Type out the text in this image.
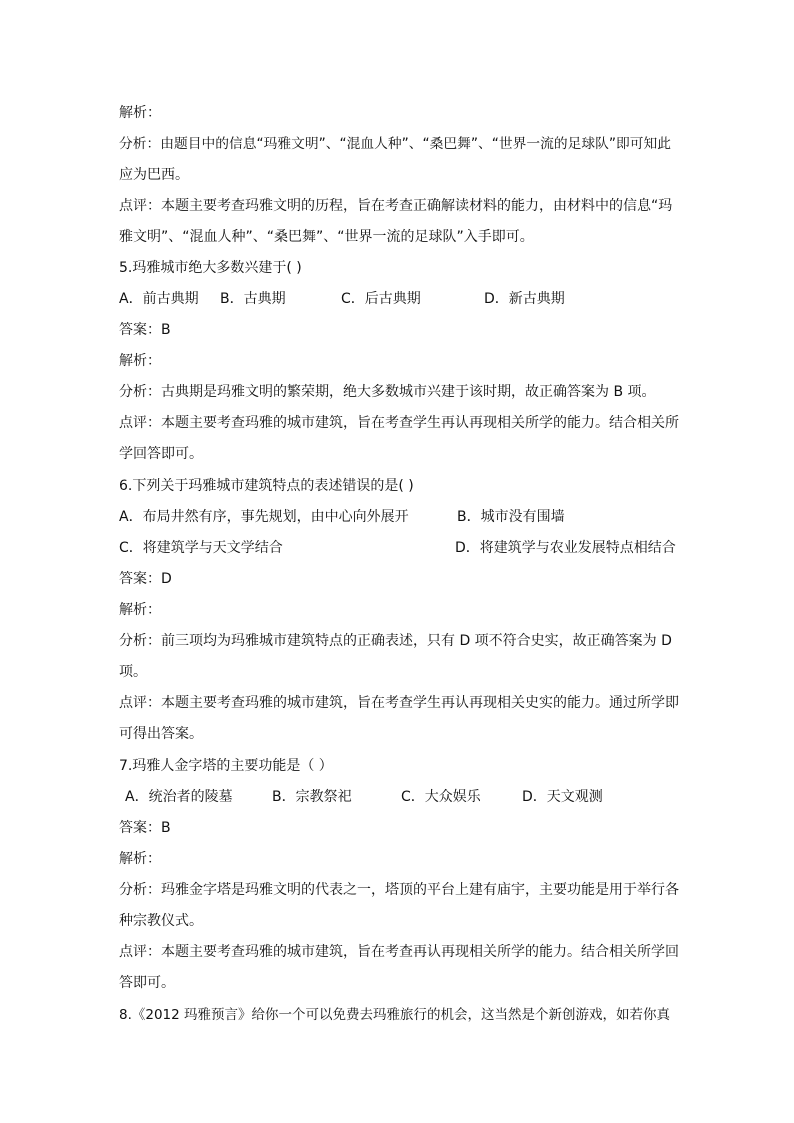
解析：
分析：由题目中的信息“玛雅文明”、“混血人种”、“桑巴舞”、“世界一流的足球队”即可知此
应为巴西。
点评：本题主要考查玛雅文明的历程，旨在考查正确解读材料的能力，由材料中的信息“玛
雅文明”、“混血人种”、“桑巴舞”、“世界一流的足球队”入手即可。
5.玛雅城市绝大多数兴建于( )
A．前古典期 B．古典期	C．后古典期	D．新古典期
答案：B
解析：
分析：古典期是玛雅文明的繁荣期，绝大多数城市兴建于该时期，故正确答案为 B 项。
点评：本题主要考查玛雅的城市建筑，旨在考查学生再认再现相关所学的能力。结合相关所
学回答即可。
6.下列关于玛雅城市建筑特点的表述错误的是( )
A．布局井然有序，事先规划，由中心向外展开	B．城市没有围墙
C．将建筑学与天文学结合	D．将建筑学与农业发展特点相结合
答案：D
解析：
分析：前三项均为玛雅城市建筑特点的正确表述，只有 D 项不符合史实，故正确答案为 D
项。
点评：本题主要考查玛雅的城市建筑，旨在考查学生再认再现相关史实的能力。通过所学即
可得出答案。
7.玛雅人金字塔的主要功能是（ ）
A．统治者的陵墓	B．宗教祭祀	C．大众娱乐	D．天文观测
答案：B
解析：
分析：玛雅金字塔是玛雅文明的代表之一，塔顶的平台上建有庙宇，主要功能是用于举行各
种宗教仪式。
点评：本题主要考查玛雅的城市建筑，旨在考查再认再现相关所学的能力。结合相关所学回
答即可。
8.《2012 玛雅预言》给你一个可以免费去玛雅旅行的机会，这当然是个新创游戏，如若你真
